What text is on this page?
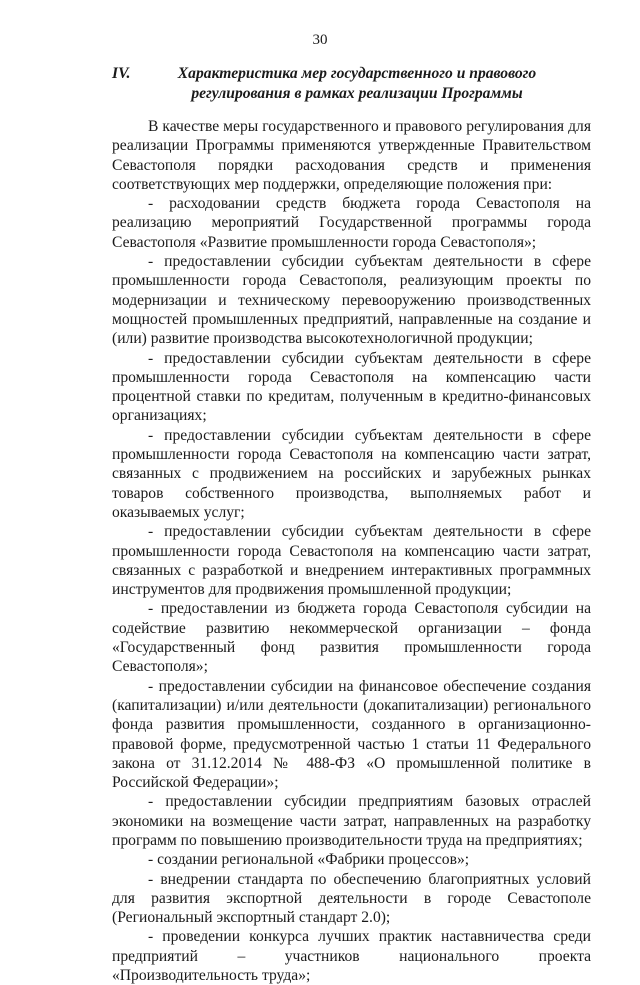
30
IV.	Характеристика мер государственного и правового регулирования в рамках реализации Программы

В качестве меры государственного и правового регулирования для реализации Программы применяются утвержденные Правительством Севастополя порядки расходования средств и применения соответствующих мер поддержки, определяющие положения при:

- расходовании средств бюджета города Севастополя на реализацию мероприятий Государственной программы города Севастополя «Развитие промышленности города Севастополя»;

- предоставлении субсидии субъектам деятельности в сфере промышленности города Севастополя, реализующим проекты по модернизации и техническому перевооружению производственных мощностей промышленных предприятий, направленные на создание и (или) развитие производства высокотехнологичной продукции;

- предоставлении субсидии субъектам деятельности в сфере промышленности города Севастополя на компенсацию части процентной ставки по кредитам, полученным в кредитно-финансовых организациях;

- предоставлении субсидии субъектам деятельности в сфере промышленности города Севастополя на компенсацию части затрат, связанных с продвижением на российских и зарубежных рынках товаров собственного производства, выполняемых работ и оказываемых услуг;

- предоставлении субсидии субъектам деятельности в сфере промышленности города Севастополя на компенсацию части затрат, связанных с разработкой и внедрением интерактивных программных инструментов для продвижения промышленной продукции;

- предоставлении из бюджета города Севастополя субсидии на содействие развитию некоммерческой организации – фонда «Государственный фонд развития промышленности города Севастополя»;

- предоставлении субсидии на финансовое обеспечение создания (капитализации) и/или деятельности (докапитализации) регионального фонда развития промышленности, созданного в организационно-правовой форме, предусмотренной частью 1 статьи 11 Федерального закона от 31.12.2014 № 488-ФЗ «О промышленной политике в Российской Федерации»;

- предоставлении субсидии предприятиям базовых отраслей экономики на возмещение части затрат, направленных на разработку программ по повышению производительности труда на предприятиях;

- создании региональной «Фабрики процессов»;

- внедрении стандарта по обеспечению благоприятных условий для развития экспортной деятельности в городе Севастополе (Региональный экспортный стандарт 2.0);

- проведении конкурса лучших практик наставничества среди предприятий – участников национального проекта «Производительность труда»;
